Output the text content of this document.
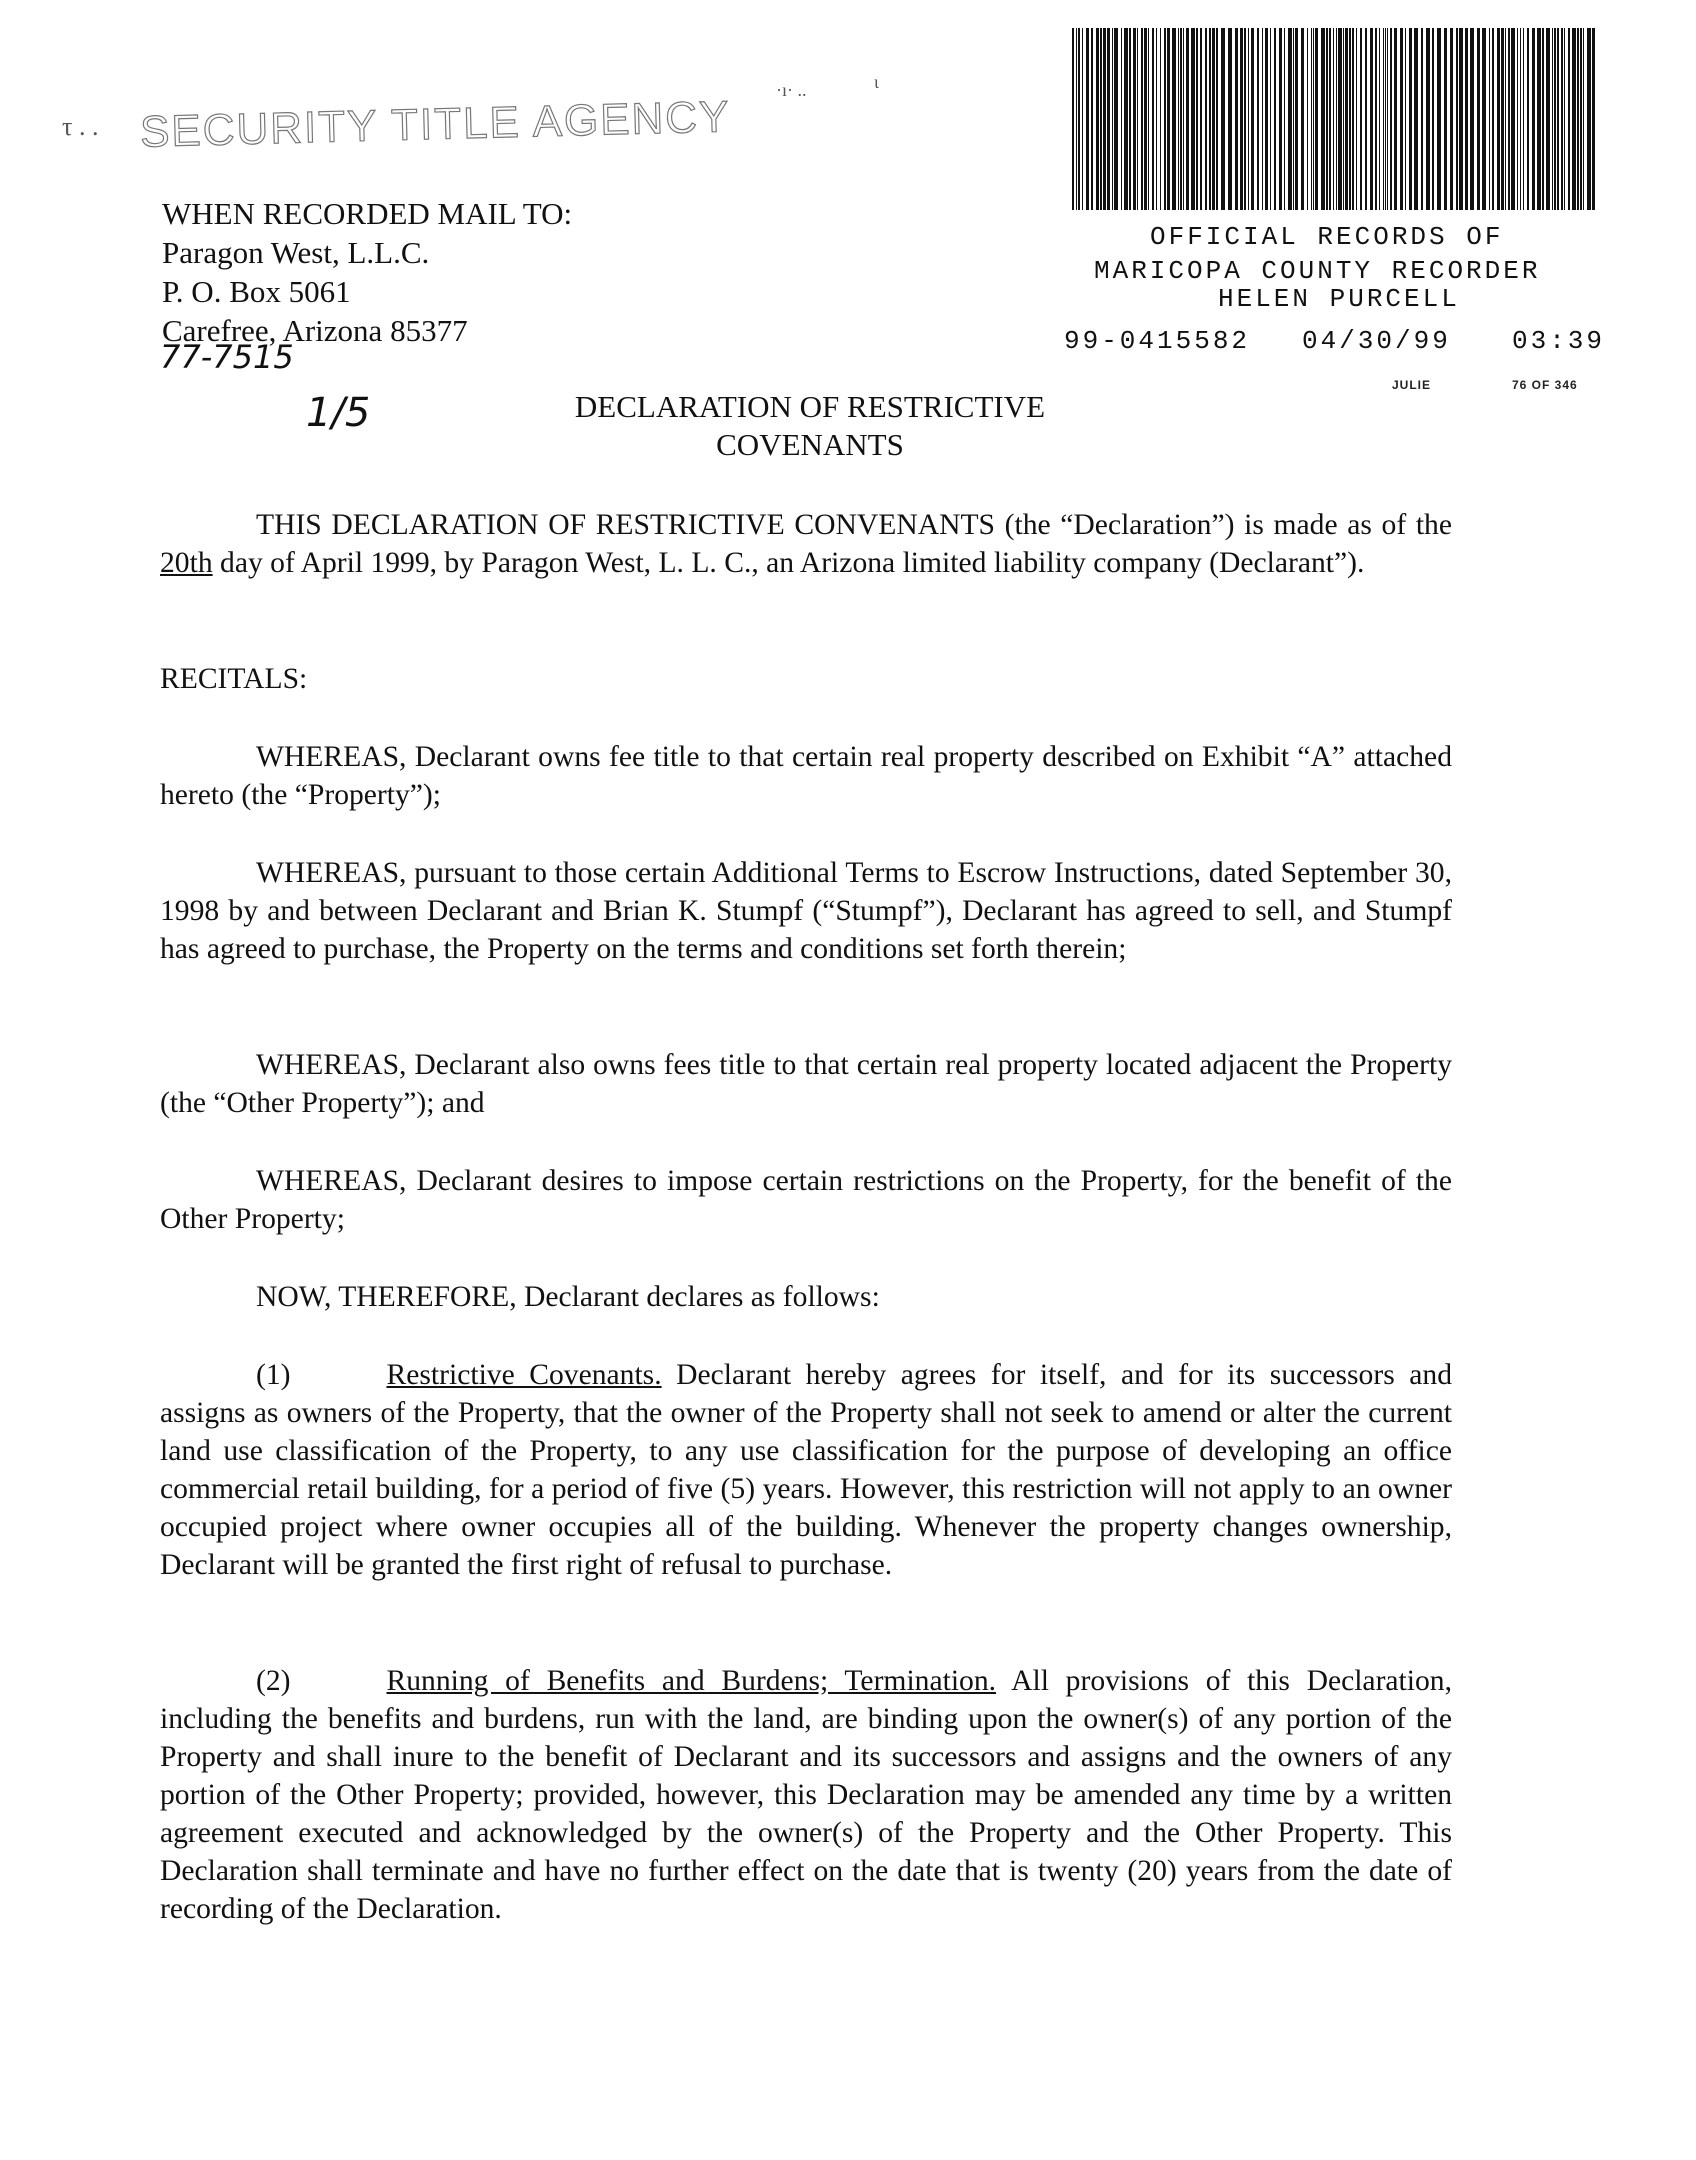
τ . . SECURITY TITLE AGENCY
·ı· ..	ɩ
OFFICIAL RECORDS OF
MARICOPA COUNTY RECORDER
HELEN PURCELL
99-0415582 04/30/99 03:39
JULIE	76 OF 346
WHEN RECORDED MAIL TO:
Paragon West, L.L.C.
P. O. Box 5061
Carefree, Arizona 85377
77-7515
1/5	DECLARATION OF RESTRICTIVE
COVENANTS
THIS DECLARATION OF RESTRICTIVE CONVENANTS (the “Declaration”) is made as of the 20th day of April 1999, by Paragon West, L. L. C., an Arizona limited liability company (Declarant”).
RECITALS:
WHEREAS, Declarant owns fee title to that certain real property described on Exhibit “A” attached hereto (the “Property”);
WHEREAS, pursuant to those certain Additional Terms to Escrow Instructions, dated September 30, 1998 by and between Declarant and Brian K. Stumpf (“Stumpf”), Declarant has agreed to sell, and Stumpf has agreed to purchase, the Property on the terms and conditions set forth therein;
WHEREAS, Declarant also owns fees title to that certain real property located adjacent the Property (the “Other Property”); and
WHEREAS, Declarant desires to impose certain restrictions on the Property, for the benefit of the Other Property;
NOW, THEREFORE, Declarant declares as follows:
(1)	Restrictive Covenants. Declarant hereby agrees for itself, and for its successors and assigns as owners of the Property, that the owner of the Property shall not seek to amend or alter the current land use classification of the Property, to any use classification for the purpose of developing an office commercial retail building, for a period of five (5) years. However, this restriction will not apply to an owner occupied project where owner occupies all of the building. Whenever the property changes ownership, Declarant will be granted the first right of refusal to purchase.
(2)	Running of Benefits and Burdens; Termination. All provisions of this Declaration, including the benefits and burdens, run with the land, are binding upon the owner(s) of any portion of the Property and shall inure to the benefit of Declarant and its successors and assigns and the owners of any portion of the Other Property; provided, however, this Declaration may be amended any time by a written agreement executed and acknowledged by the owner(s) of the Property and the Other Property. This Declaration shall terminate and have no further effect on the date that is twenty (20) years from the date of recording of the Declaration.
